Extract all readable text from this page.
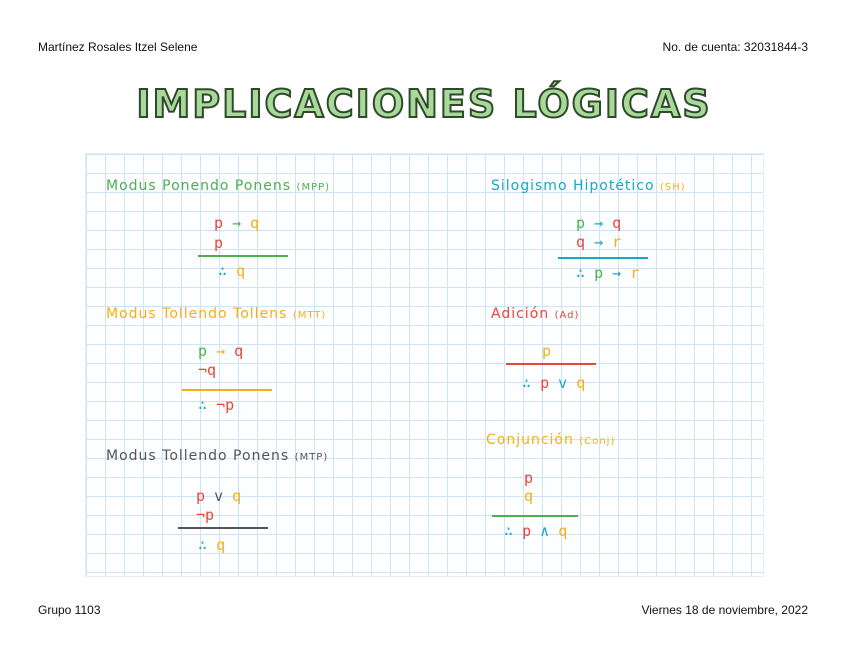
Martínez Rosales Itzel Selene	No. de cuenta: 32031844-3
IMPLICACIONES LÓGICAS
Modus Ponendo Ponens (MPP)
p → q
p
∴ q
Modus Tollendo Tollens (MTT)
p → q
¬q
∴ ¬p
Modus Tollendo Ponens (MTP)
p v q
¬p
∴ q
Silogismo Hipotético (SH)
p → q
q → r
∴ p → r
Adición (Ad)
p
∴ p v q
Conjunción (Conj)
p
q
∴ p ∧ q
Grupo 1103	Viernes 18 de noviembre, 2022
